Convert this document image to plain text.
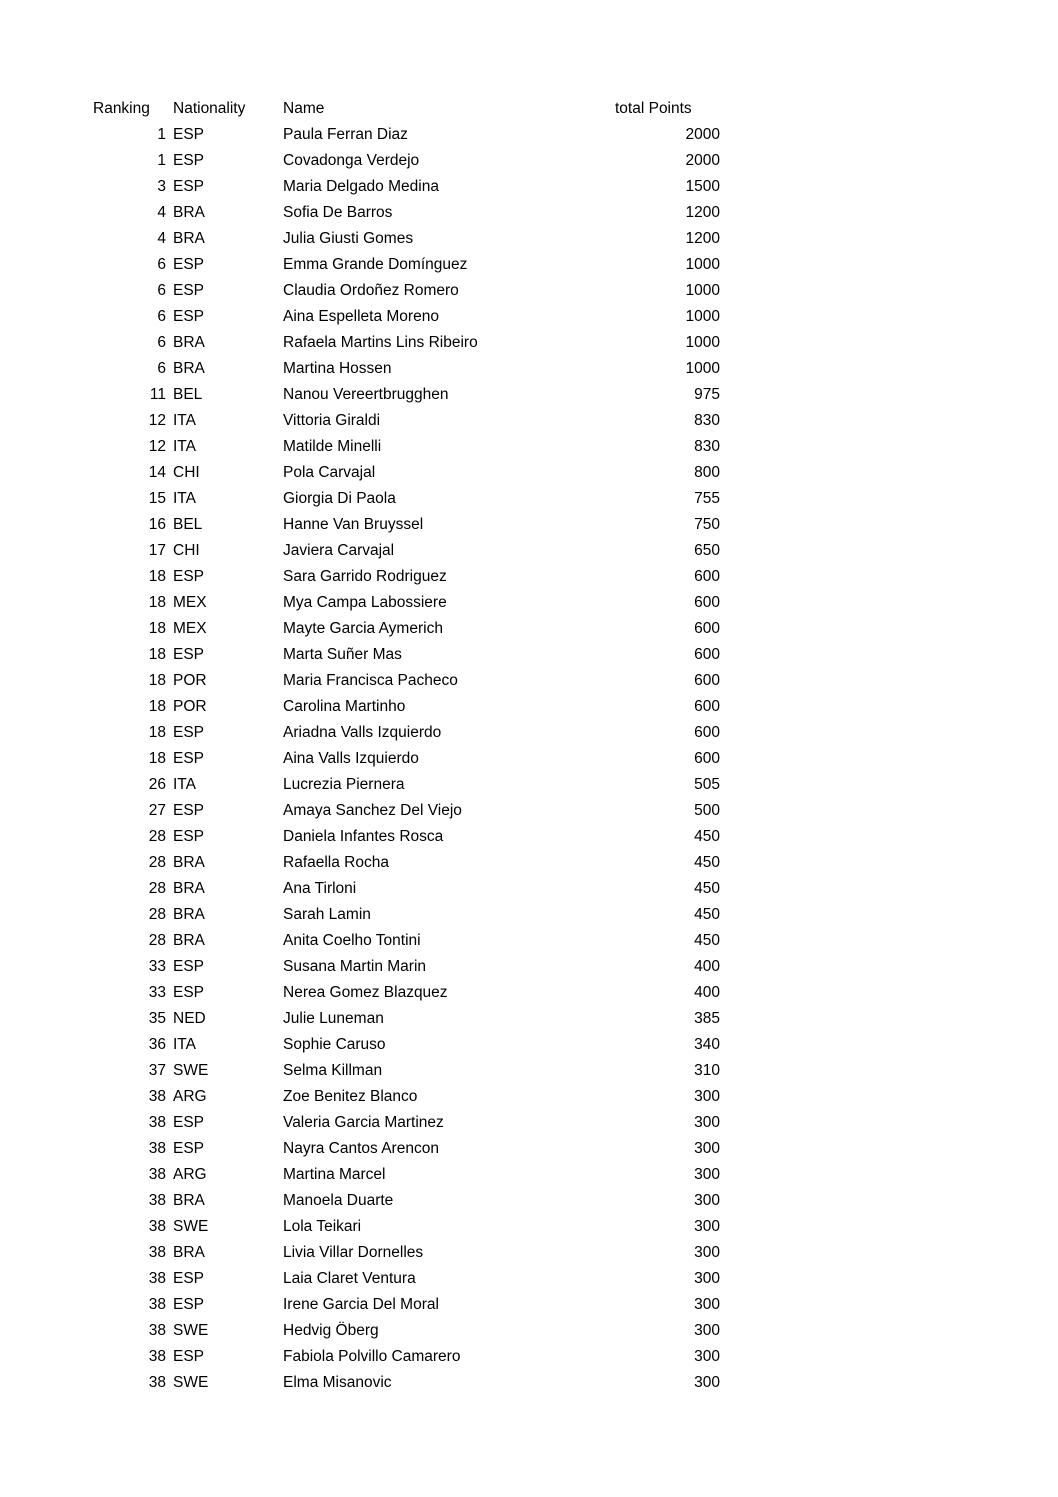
Ranking	Nationality	Name	total Points
1 ESP	Paula Ferran Diaz	2000
1 ESP	Covadonga Verdejo	2000
3 ESP	Maria Delgado Medina	1500
4 BRA	Sofia De Barros	1200
4 BRA	Julia Giusti Gomes	1200
6 ESP	Emma Grande Domínguez	1000
6 ESP	Claudia Ordoñez Romero	1000
6 ESP	Aina Espelleta Moreno	1000
6 BRA	Rafaela Martins Lins Ribeiro	1000
6 BRA	Martina Hossen	1000
11 BEL	Nanou Vereertbrugghen	975
12 ITA	Vittoria Giraldi	830
12 ITA	Matilde Minelli	830
14 CHI	Pola Carvajal	800
15 ITA	Giorgia Di Paola	755
16 BEL	Hanne Van Bruyssel	750
17 CHI	Javiera Carvajal	650
18 ESP	Sara Garrido Rodriguez	600
18 MEX	Mya Campa Labossiere	600
18 MEX	Mayte Garcia Aymerich	600
18 ESP	Marta Suñer Mas	600
18 POR	Maria Francisca Pacheco	600
18 POR	Carolina Martinho	600
18 ESP	Ariadna Valls Izquierdo	600
18 ESP	Aina Valls Izquierdo	600
26 ITA	Lucrezia Piernera	505
27 ESP	Amaya Sanchez Del Viejo	500
28 ESP	Daniela Infantes Rosca	450
28 BRA	Rafaella Rocha	450
28 BRA	Ana Tirloni	450
28 BRA	Sarah Lamin	450
28 BRA	Anita Coelho Tontini	450
33 ESP	Susana Martin Marin	400
33 ESP	Nerea Gomez Blazquez	400
35 NED	Julie Luneman	385
36 ITA	Sophie Caruso	340
37 SWE	Selma Killman	310
38 ARG	Zoe Benitez Blanco	300
38 ESP	Valeria Garcia Martinez	300
38 ESP	Nayra Cantos Arencon	300
38 ARG	Martina Marcel	300
38 BRA	Manoela Duarte	300
38 SWE	Lola Teikari	300
38 BRA	Livia Villar Dornelles	300
38 ESP	Laia Claret Ventura	300
38 ESP	Irene Garcia Del Moral	300
38 SWE	Hedvig Öberg	300
38 ESP	Fabiola Polvillo Camarero	300
38 SWE	Elma Misanovic	300
